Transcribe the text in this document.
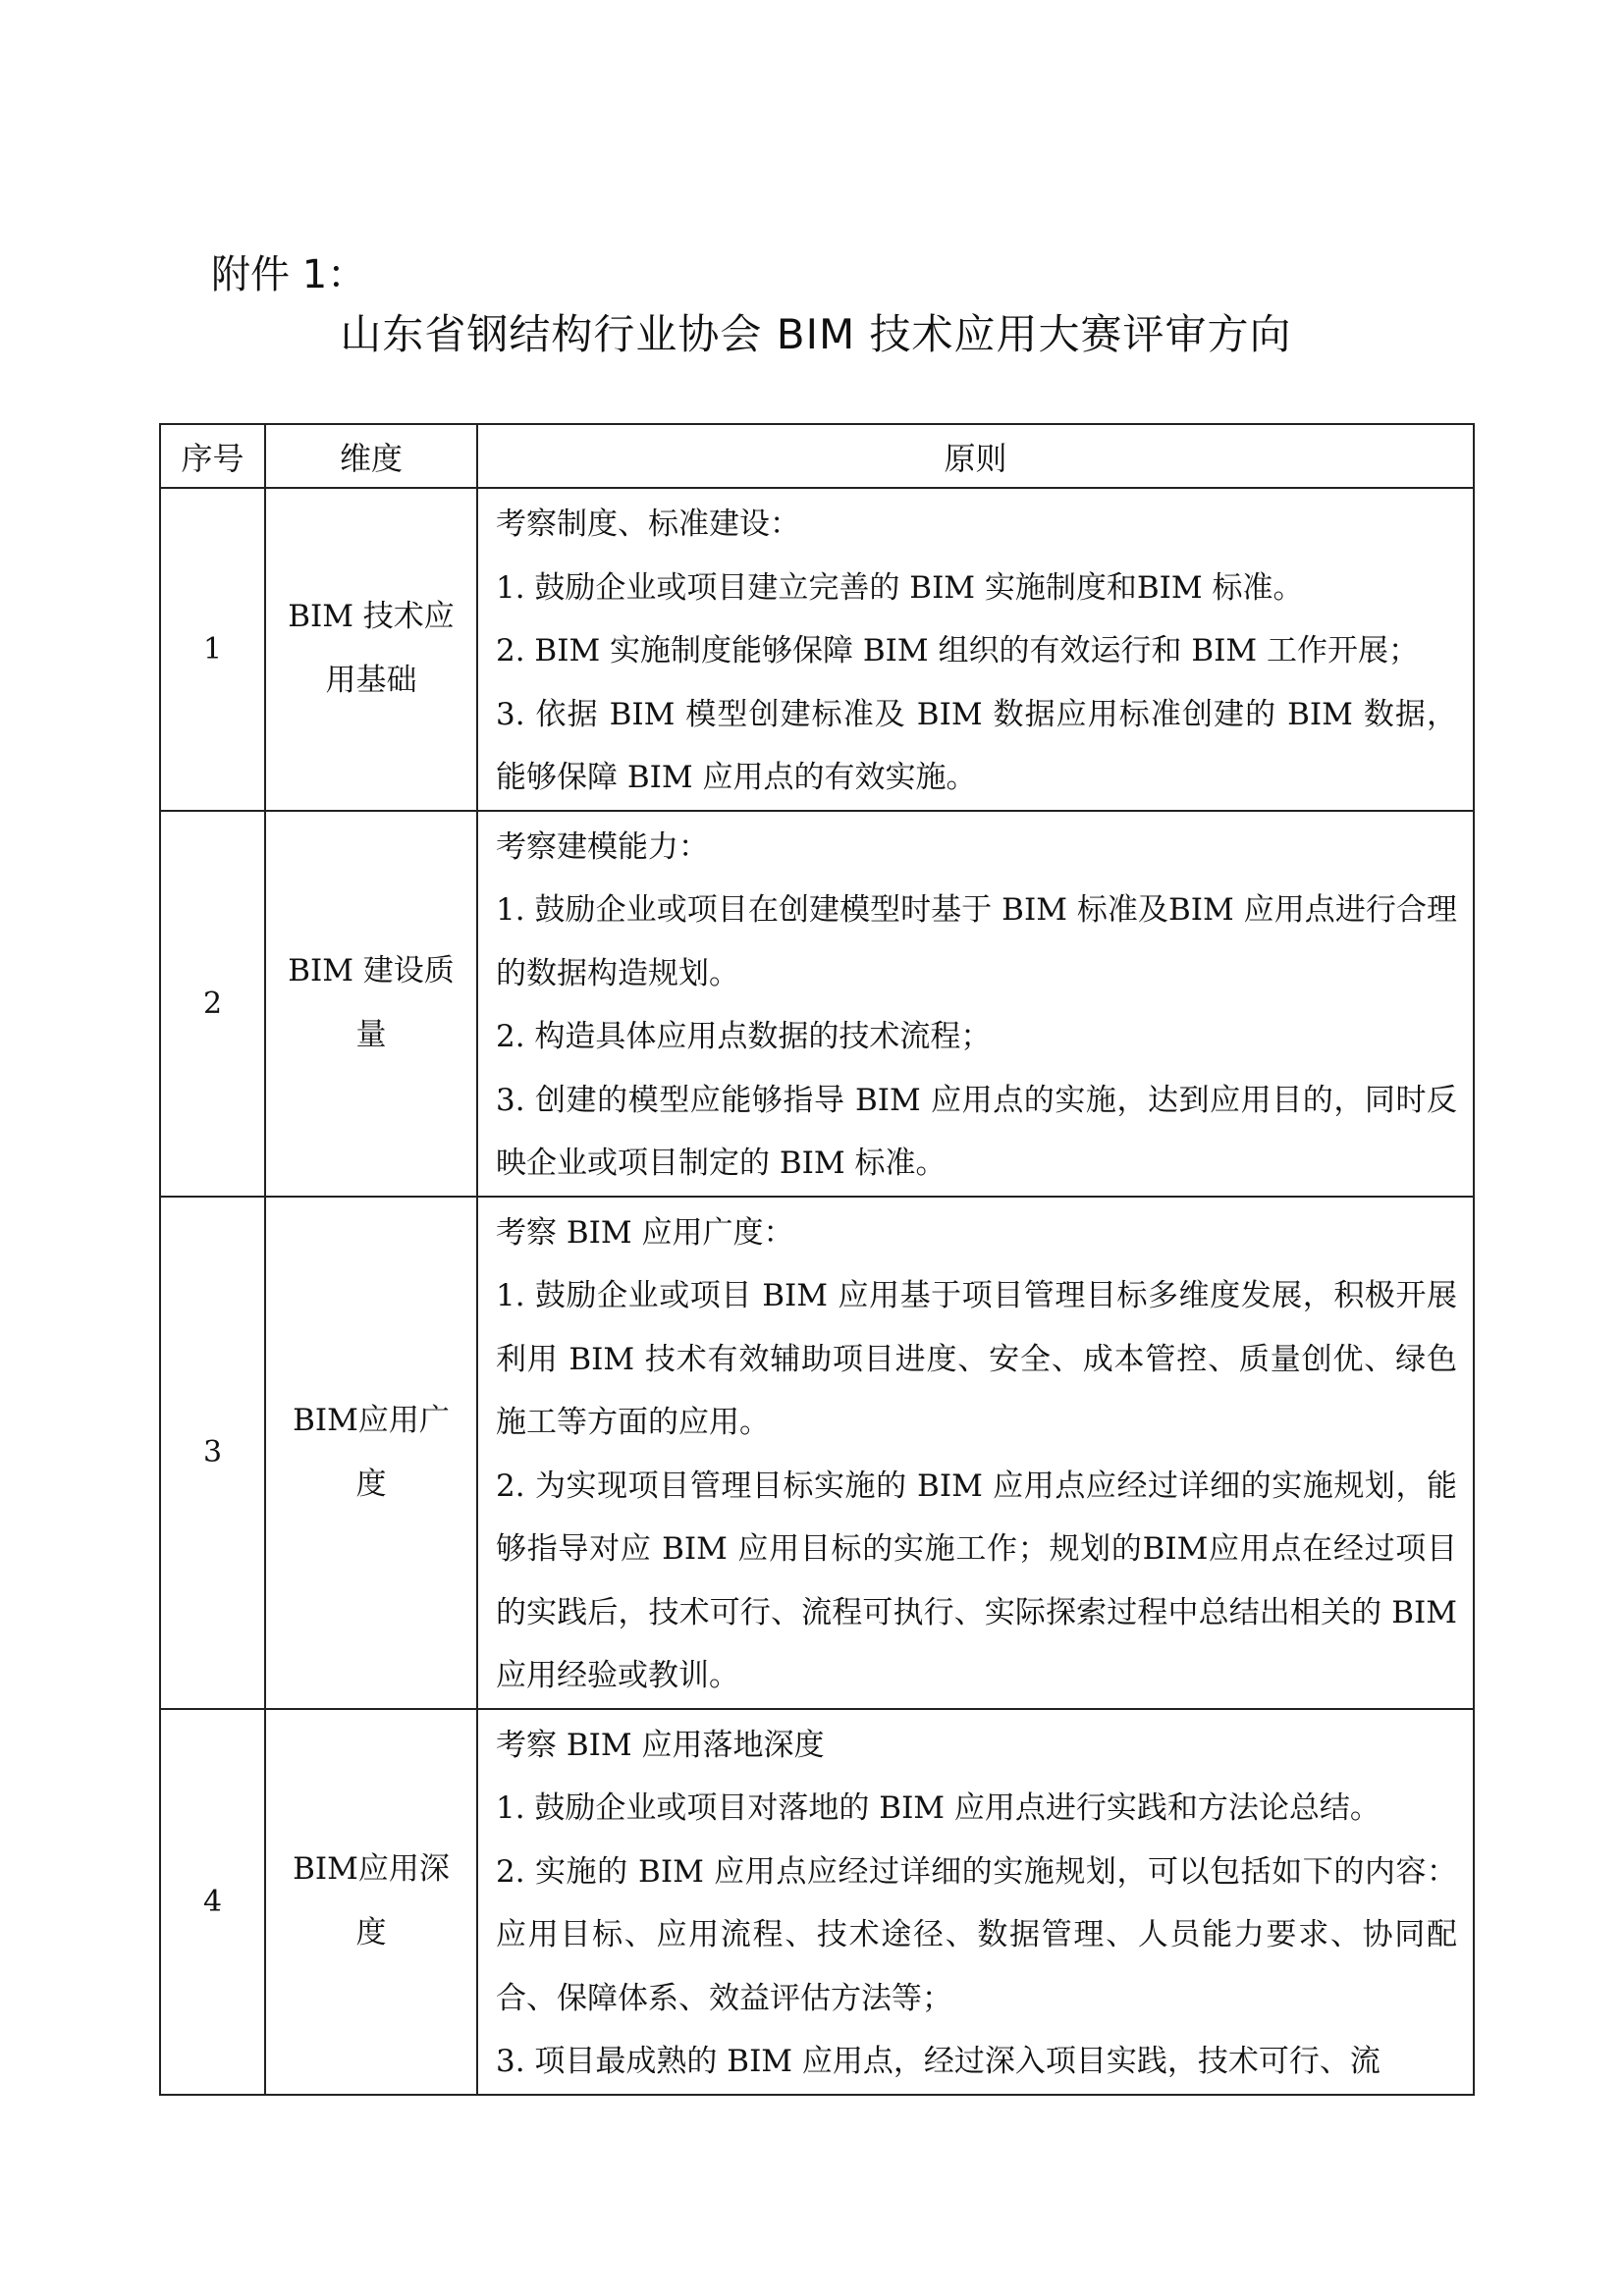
附件 1：
山东省钢结构行业协会 BIM 技术应用大赛评审方向
序号	维度	原则
1	BIM 技术应用基础	考察制度、标准建设：

1. 鼓励企业或项目建立完善的 BIM 实施制度和BIM 标准。

2. BIM 实施制度能够保障 BIM 组织的有效运行和 BIM 工作开展；

3. 依据 BIM 模型创建标准及 BIM 数据应用标准创建的 BIM 数据，能够保障 BIM 应用点的有效实施。

2	BIM 建设质量	考察建模能力：

1. 鼓励企业或项目在创建模型时基于 BIM 标准及BIM 应用点进行合理的数据构造规划。

2. 构造具体应用点数据的技术流程；

3. 创建的模型应能够指导 BIM 应用点的实施，达到应用目的，同时反映企业或项目制定的 BIM 标准。

3	BIM应用广度	考察 BIM 应用广度：

1. 鼓励企业或项目 BIM 应用基于项目管理目标多维度发展，积极开展利用 BIM 技术有效辅助项目进度、安全、成本管控、质量创优、绿色施工等方面的应用。

2. 为实现项目管理目标实施的 BIM 应用点应经过详细的实施规划，能够指导对应 BIM 应用目标的实施工作；规划的BIM应用点在经过项目的实践后，技术可行、流程可执行、实际探索过程中总结出相关的 BIM 应用经验或教训。

4	BIM应用深度	考察 BIM 应用落地深度

1. 鼓励企业或项目对落地的 BIM 应用点进行实践和方法论总结。

2. 实施的 BIM 应用点应经过详细的实施规划，可以包括如下的内容：应用目标、应用流程、技术途径、数据管理、人员能力要求、协同配合、保障体系、效益评估方法等；

3. 项目最成熟的 BIM 应用点，经过深入项目实践，技术可行、流
